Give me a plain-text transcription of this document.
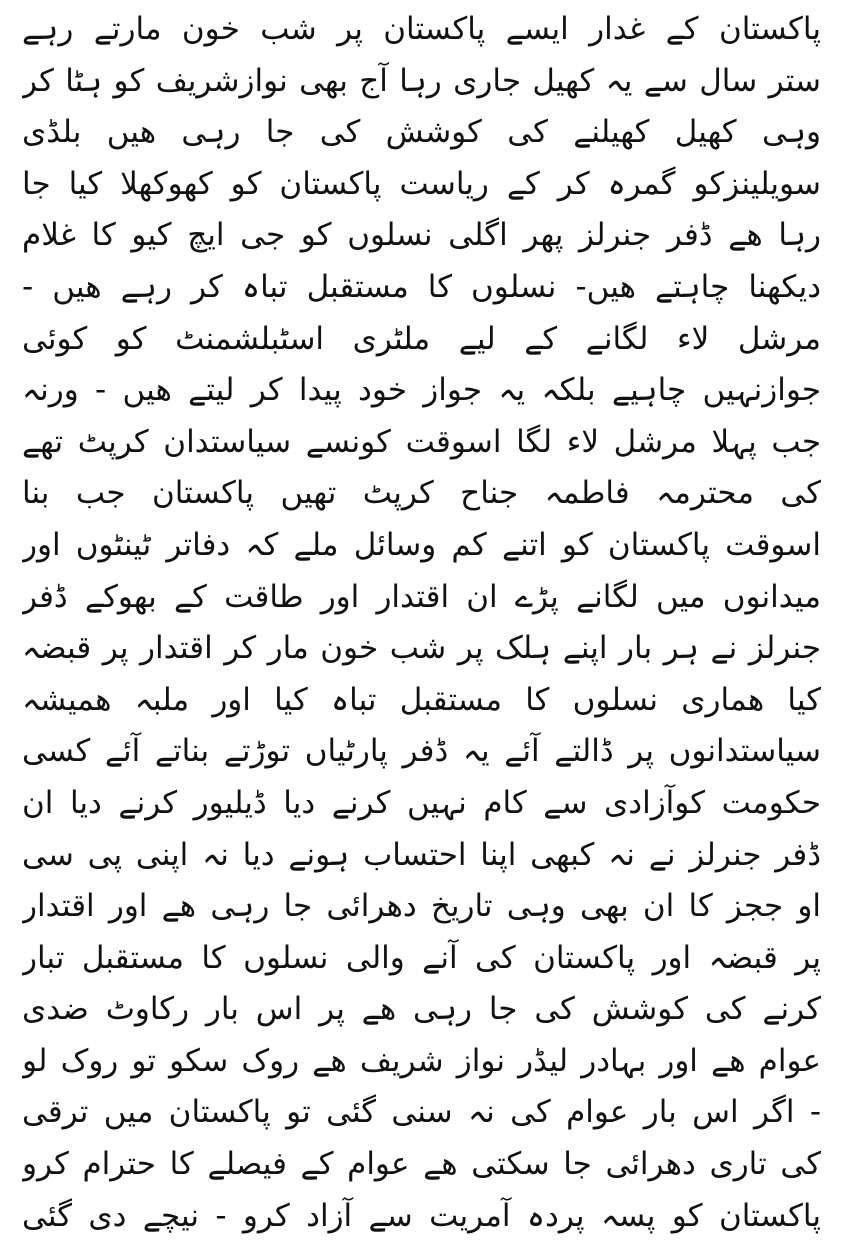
پاکستان کے غدار ایسے پاکستان پر شب خون مارتے رہے
ستر سال سے یہ کھیل جاری رہا آج بھی نوازشریف کو ہٹا کر
وہی کھیل کھیلنے کی کوشش کی جا رہی ھیں بلڈی
سویلینزکو گمرہ کر کے ریاست پاکستان کو کھوکھلا کیا جا
رہا ھے ڈفر جنرلز پھر اگلی نسلوں کو جی ایچ کیو کا غلام
دیکھنا چاہتے ھیں- نسلوں کا مستقبل تباہ کر رہے ھیں -
مرشل لاء لگانے کے لیے ملٹری اسٹبلشمنٹ کو کوئی
جوازنہیں چاہیے بلکہ یہ جواز خود پیدا کر لیتے ھیں - ورنہ
جب پہلا مرشل لاء لگا اسوقت کونسے سیاستدان کرپٹ تھے
کی محترمہ فاطمہ جناح کرپٹ تھیں پاکستان جب بنا
اسوقت پاکستان کو اتنے کم وسائل ملے کہ دفاتر ٹینٹوں اور
میدانوں میں لگانے پڑے ان اقتدار اور طاقت کے بھوکے ڈفر
جنرلز نے ہر بار اپنے ہلک پر شب خون مار کر اقتدار پر قبضہ
کیا ھماری نسلوں کا مستقبل تباہ کیا اور ملبہ ھمیشہ
سیاستدانوں پر ڈالتے آئے یہ ڈفر پارٹیاں توڑتے بناتے آئے کسی
حکومت کوآزادی سے کام نہیں کرنے دیا ڈیلیور کرنے دیا ان
ڈفر جنرلز نے نہ کبھی اپنا احتساب ہونے دیا نہ اپنی پی سی
او ججز کا ان بھی وہی تاریخ دھرائی جا رہی ھے اور اقتدار
پر قبضہ اور پاکستان کی آنے والی نسلوں کا مستقبل تبار
کرنے کی کوشش کی جا رہی ھے پر اس بار رکاوٹ ضدی
عوام ھے اور بہادر لیڈر نواز شریف ھے روک سکو تو روک لو
- اگر اس بار عوام کی نہ سنی گئی تو پاکستان میں ترقی
کی تاری دھرائی جا سکتی ھے عوام کے فیصلے کا حترام کرو
پاکستان کو پسہ پردہ آمریت سے آزاد کرو - نیچے دی گئی
